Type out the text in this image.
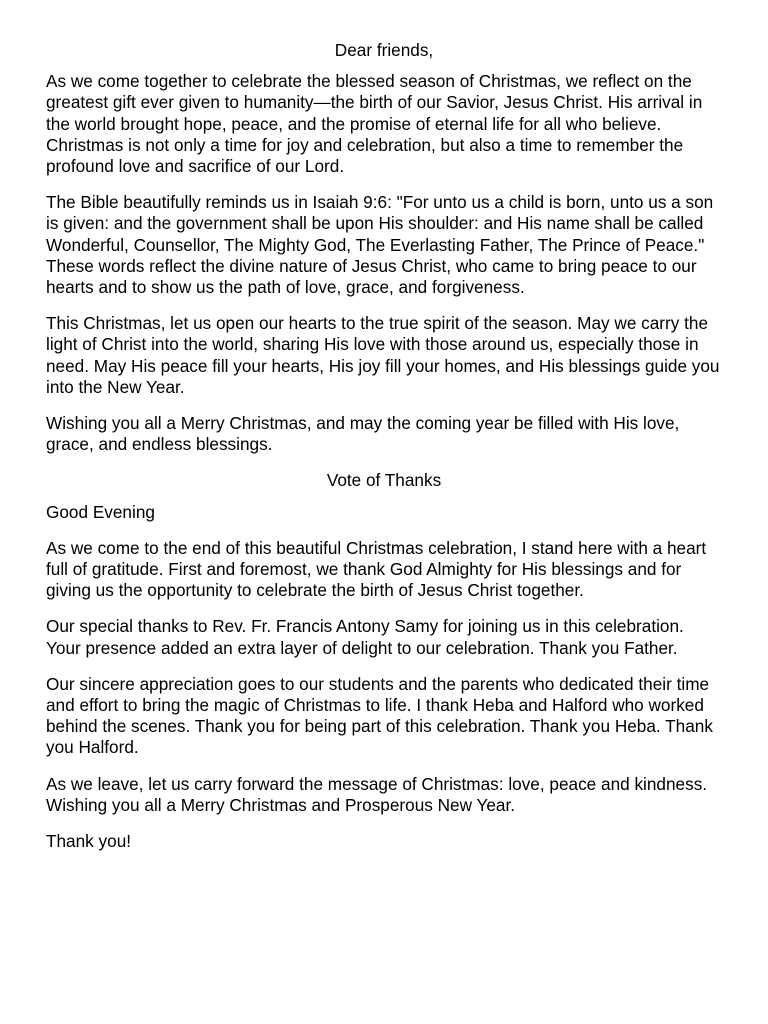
Dear friends,

As we come together to celebrate the blessed season of Christmas, we reflect on the greatest gift ever given to humanity—the birth of our Savior, Jesus Christ. His arrival in the world brought hope, peace, and the promise of eternal life for all who believe. Christmas is not only a time for joy and celebration, but also a time to remember the profound love and sacrifice of our Lord.

The Bible beautifully reminds us in Isaiah 9:6: "For unto us a child is born, unto us a son is given: and the government shall be upon His shoulder: and His name shall be called Wonderful, Counsellor, The Mighty God, The Everlasting Father, The Prince of Peace." These words reflect the divine nature of Jesus Christ, who came to bring peace to our hearts and to show us the path of love, grace, and forgiveness.

This Christmas, let us open our hearts to the true spirit of the season. May we carry the light of Christ into the world, sharing His love with those around us, especially those in need. May His peace fill your hearts, His joy fill your homes, and His blessings guide you into the New Year.

Wishing you all a Merry Christmas, and may the coming year be filled with His love, grace, and endless blessings.

Vote of Thanks

Good Evening

As we come to the end of this beautiful Christmas celebration, I stand here with a heart full of gratitude. First and foremost, we thank God Almighty for His blessings and for giving us the opportunity to celebrate the birth of Jesus Christ together.

Our special thanks to Rev. Fr. Francis Antony Samy for joining us in this celebration. Your presence added an extra layer of delight to our celebration. Thank you Father.

Our sincere appreciation goes to our students and the parents who dedicated their time and effort to bring the magic of Christmas to life. I thank Heba and Halford who worked behind the scenes. Thank you for being part of this celebration. Thank you Heba. Thank you Halford.

As we leave, let us carry forward the message of Christmas: love, peace and kindness. Wishing you all a Merry Christmas and Prosperous New Year.

Thank you!
